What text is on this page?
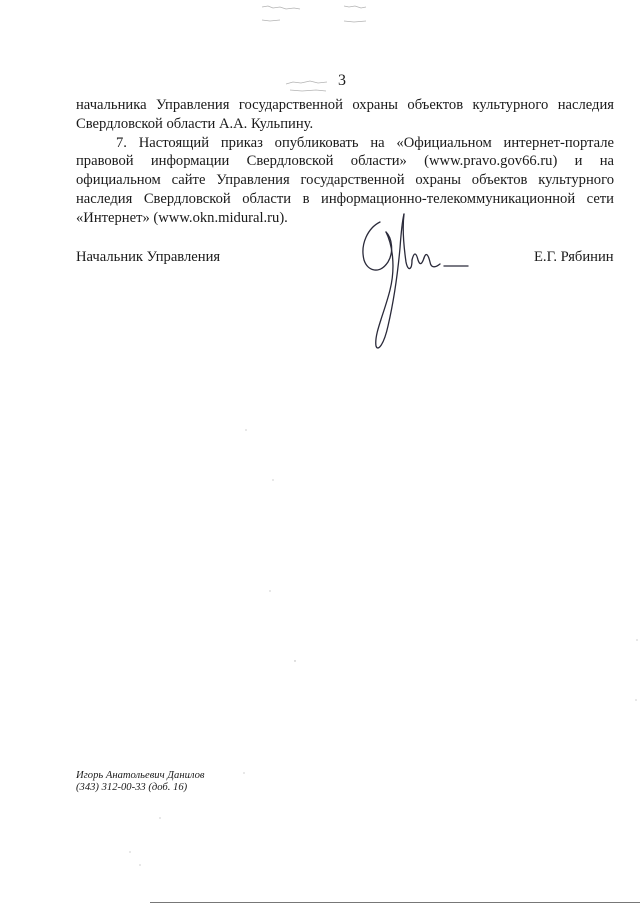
3

начальника Управления государственной охраны объектов культурного наследия Свердловской области А.А. Кульпину.

7. Настоящий приказ опубликовать на «Официальном интернет-портале правовой информации Свердловской области» (www.pravo.gov66.ru) и на официальном сайте Управления государственной охраны объектов культурного наследия Свердловской области в информационно-телекоммуникационной сети «Интернет» (www.okn.midural.ru).

Начальник Управления	Е.Г. Рябинин
Игорь Анатольевич Данилов
(343) 312-00-33 (доб. 16)
